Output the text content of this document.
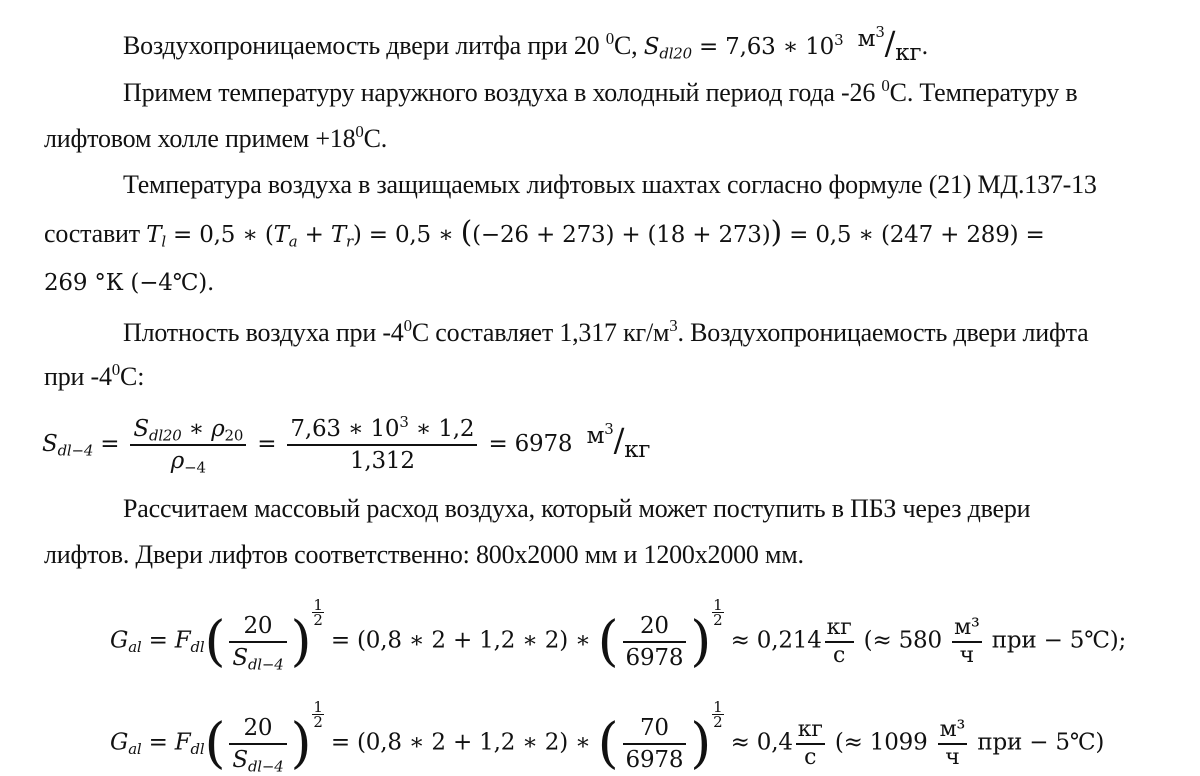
Воздухопроницаемость двери литфа при 20 $^0$С, $S_{dl20} = 7,63$ ∗ $10^3$ $м^3/кг$.
Примем температуру наружного воздуха в холодный период года -26 $^0$С. Температуру в
лифтовом холле примем $+18^0С$.
Температура воздуха в защищаемых лифтовых шахтах согласно формуле (21) МД.137-13
составит $T_l = 0,5$ ∗ $(T_a + T_r) = 0,5$ ∗ ((−26 + 273) + (18 + 273)) = 0,5 ∗ (247 + 289) =
269 °К (−4℃).
Плотность воздуха при $-4^0С$ составляет 1,317 $кг/м^3$. Воздухопроницаемость двери лифта
при $-4^0С$:
$S_{dl-4} = \frac{S_{dl20} ∗ \rho_{20}}{\rho_{-4}} = \frac{7,63 ∗ 10^3 ∗ 1,2}{1,312} = 6978$ $м^3/кг$
Рассчитаем массовый расход воздуха, который может поступить в ПБЗ через двери
лифтов. Двери лифтов соответственно: 800х2000 мм и 1200х2000 мм.
$G_{al} = F_{dl}( \frac{20}{S_{dl-4}}$ ) $\frac{1}{2}$
= (0,8 ∗ 2 + 1,2 ∗ 2) ∗ ( $\frac{20}{6978}$ ) $\frac{1}{2}$
≈ 0,214
кг
с
(≈ 580
м³
ч
при − 5℃);
$G_{al} = F_{dl}( \frac{20}{S_{dl-4}}$ ) $\frac{1}{2}$
= (0,8 ∗ 2 + 1,2 ∗ 2) ∗ ( $\frac{70}{6978}$ ) $\frac{1}{2}$
≈ 0,4
кг
с
(≈ 1099
м³
ч
при − 5℃)
